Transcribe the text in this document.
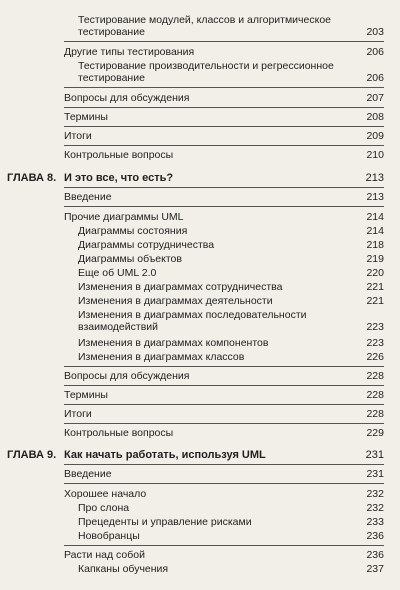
Тестирование модулей, классов и алгоритмическое
тестирование	203
Другие типы тестирования	206
Тестирование производительности и регрессионное
тестирование	206
Вопросы для обсуждения	207
Термины	208
Итоги	209
Контрольные вопросы	210
ГЛАВА 8. И это все, что есть?	213
Введение	213
Прочие диаграммы UML	214
Диаграммы состояния	214
Диаграммы сотрудничества	218
Диаграммы объектов	219
Еще об UML 2.0	220
Изменения в диаграммах сотрудничества	221
Изменения в диаграммах деятельности	221
Изменения в диаграммах последовательности
взаимодействий	223
Изменения в диаграммах компонентов	223
Изменения в диаграммах классов	226
Вопросы для обсуждения	228
Термины	228
Итоги	228
Контрольные вопросы	229
ГЛАВА 9. Как начать работать, используя UML	231
Введение	231
Хорошее начало	232
Про слона	232
Прецеденты и управление рисками	233
Новобранцы	236
Расти над собой	236
Капканы обучения	237
